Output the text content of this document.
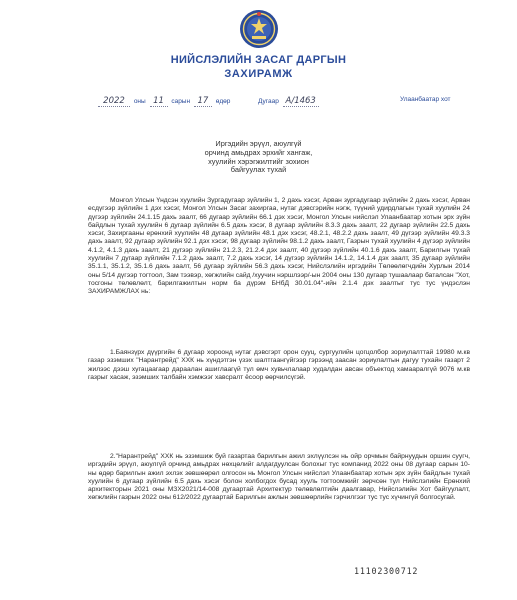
НИЙСЛЭЛИЙН ЗАСАГ ДАРГЫН
ЗАХИРАМЖ
2022 оны 11 сарын 17 өдөр	Дугаар А/1463	Улаанбаатар хот
Иргэдийн эрүүл, аюулгүй
орчинд амьдрах эрхийг хангаж,
хуулийн хэрэгжилтийг зохион
байгуулах тухай

Монгол Улсын Үндсэн хуулийн Зургадугаар зүйлийн 1, 2 дахь хэсэг, Арван зургадугаар зүйлийн 2 дахь хэсэг, Арван есдүгээр зүйлийн 1 дэх хэсэг, Монгол Улсын Засаг захиргаа, нутаг дэвсгэрийн нэгж, түүний удирдлагын тухай хуулийн 24 дүгээр зүйлийн 24.1.15 дахь заалт, 66 дугаар зүйлийн 66.1 дэх хэсэг, Монгол Улсын нийслэл Улаанбаатар хотын эрх зүйн байдлын тухай хуулийн 6 дугаар зүйлийн 6.5 дахь хэсэг, 8 дугаар зүйлийн 8.3.3 дахь заалт, 22 дугаар зүйлийн 22.5 дахь хэсэг, Захиргааны ерөнхий хуулийн 48 дугаар зүйлийн 48.1 дэх хэсэг, 48.2.1, 48.2.2 дахь заалт, 49 дүгээр зүйлийн 49.3.3 дахь заалт, 92 дугаар зүйлийн 92.1 дэх хэсэг, 98 дугаар зүйлийн 98.1.2 дахь заалт, Газрын тухай хуулийн 4 дүгээр зүйлийн 4.1.2, 4.1.3 дахь заалт, 21 дүгээр зүйлийн 21.2.3, 21.2.4 дэх заалт, 40 дүгээр зүйлийн 40.1.6 дахь заалт, Барилгын тухай хуулийн 7 дугаар зүйлийн 7.1.2 дахь заалт, 7.2 дахь хэсэг, 14 дүгээр зүйлийн 14.1.2, 14.1.4 дэх заалт, 35 дугаар зүйлийн 35.1.1, 35.1.2, 35.1.6 дахь заалт, 56 дугаар зүйлийн 56.3 дахь хэсэг, Нийслэлийн иргэдийн Төлөөлөгчдийн Хурлын 2014 оны 5/14 дүгээр тогтоол, Зам тээвэр, хөгжлийн сайд /хуучин нэршлээр/-ын 2004 оны 130 дугаар тушаалаар баталсан "Хот, тосгоны төлөвлөлт, барилгажилтын норм ба дүрэм БНбД 30.01.04"-ийн 2.1.4 дэх заалтыг тус тус үндэслэн ЗАХИРАМЖЛАХ нь:

1.Баянзүрх дүүргийн 6 дугаар хороонд нутаг дэвсгэрт орон сууц, сургуулийн цогцолбор зориулалттай 19980 м.кв газар эзэмших "Нарантрейд" ХХК нь хүндэтгэн үзэх шалтгаангүйгээр гэрээнд заасан зориулалтын дагуу тухайн газарт 2 жилээс дээш хугацаагаар дараалан ашиглаагүй тул өмч хувьчлалаар худалдан авсан объектод хамааралгүй 9076 м.кв газрыг хасаж, эзэмших талбайн хэмжээг хавсралт ёсоор өөрчилсүгэй.

2."Нарантрейд" ХХК нь эзэмшиж буй газартаа барилгын ажил эхлүүлсэн нь ойр орчмын байрнуудын оршин суугч, иргэдийн эрүүл, аюулгүй орчинд амьдрах нөхцөлийг алдагдуулсан болохыг тус компанид 2022 оны 08 дугаар сарын 10-ны өдөр барилгын ажил эхлэх зөвшөөрөл олгосон нь Монгол Улсын нийслэл Улаанбаатар хотын эрх зүйн байдлын тухай хуулийн 6 дугаар зүйлийн 6.5 дахь хэсэг болон холбогдох бусад хууль тогтоомжийг зөрчсөн тул Нийслэлийн Ерөнхий архитекторын 2021 оны МЗХ2021/14-008 дугаартай Архитектур төлөвлөлтийн даалгавар, Нийслэлийн Хот байгуулалт, хөгжлийн газрын 2022 оны 612/2022 дугаартай Барилгын ажлын зөвшөөрлийн гэрчилгээг тус тус хүчингүй болгосугай.

11102300712
